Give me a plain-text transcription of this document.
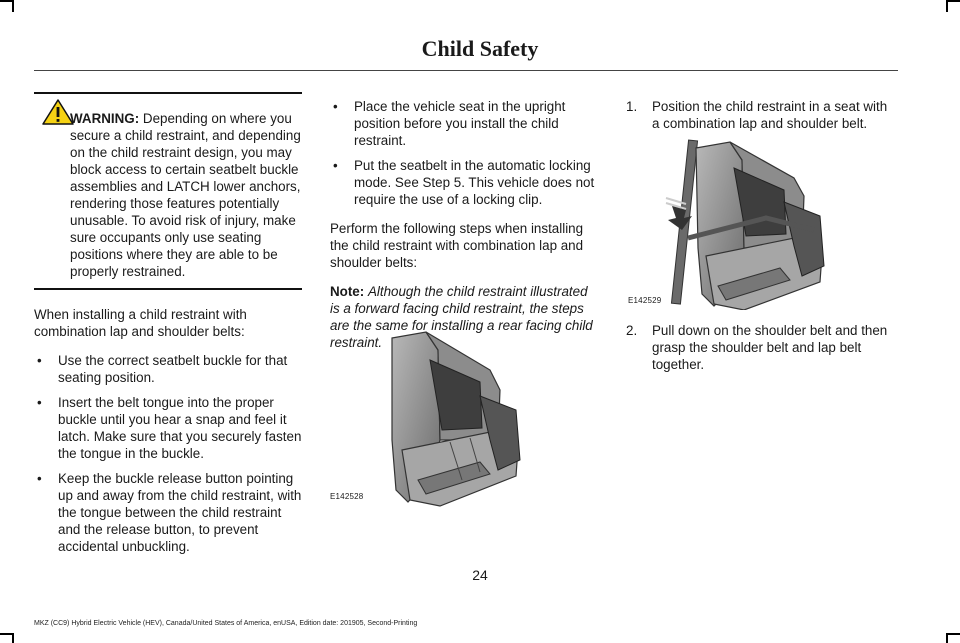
Child Safety
WARNING: Depending on where you secure a child restraint, and depending on the child restraint design, you may block access to certain seatbelt buckle assemblies and LATCH lower anchors, rendering those features potentially unusable. To avoid risk of injury, make sure occupants only use seating positions where they are able to be properly restrained.

When installing a child restraint with combination lap and shoulder belts:

• Use the correct seatbelt buckle for that seating position.
• Insert the belt tongue into the proper buckle until you hear a snap and feel it latch. Make sure that you securely fasten the tongue in the buckle.
• Keep the buckle release button pointing up and away from the child restraint, with the tongue between the child restraint and the release button, to prevent accidental unbuckling.
• Place the vehicle seat in the upright position before you install the child restraint.
• Put the seatbelt in the automatic locking mode. See Step 5. This vehicle does not require the use of a locking clip.

Perform the following steps when installing the child restraint with combination lap and shoulder belts:

Note: Although the child restraint illustrated is a forward facing child restraint, the steps are the same for installing a rear facing child restraint.

E142528
1. Position the child restraint in a seat with a combination lap and shoulder belt.
E142529
2. Pull down on the shoulder belt and then grasp the shoulder belt and lap belt together.
24
MKZ (CC9) Hybrid Electric Vehicle (HEV), Canada/United States of America, enUSA, Edition date: 201905, Second-Printing
